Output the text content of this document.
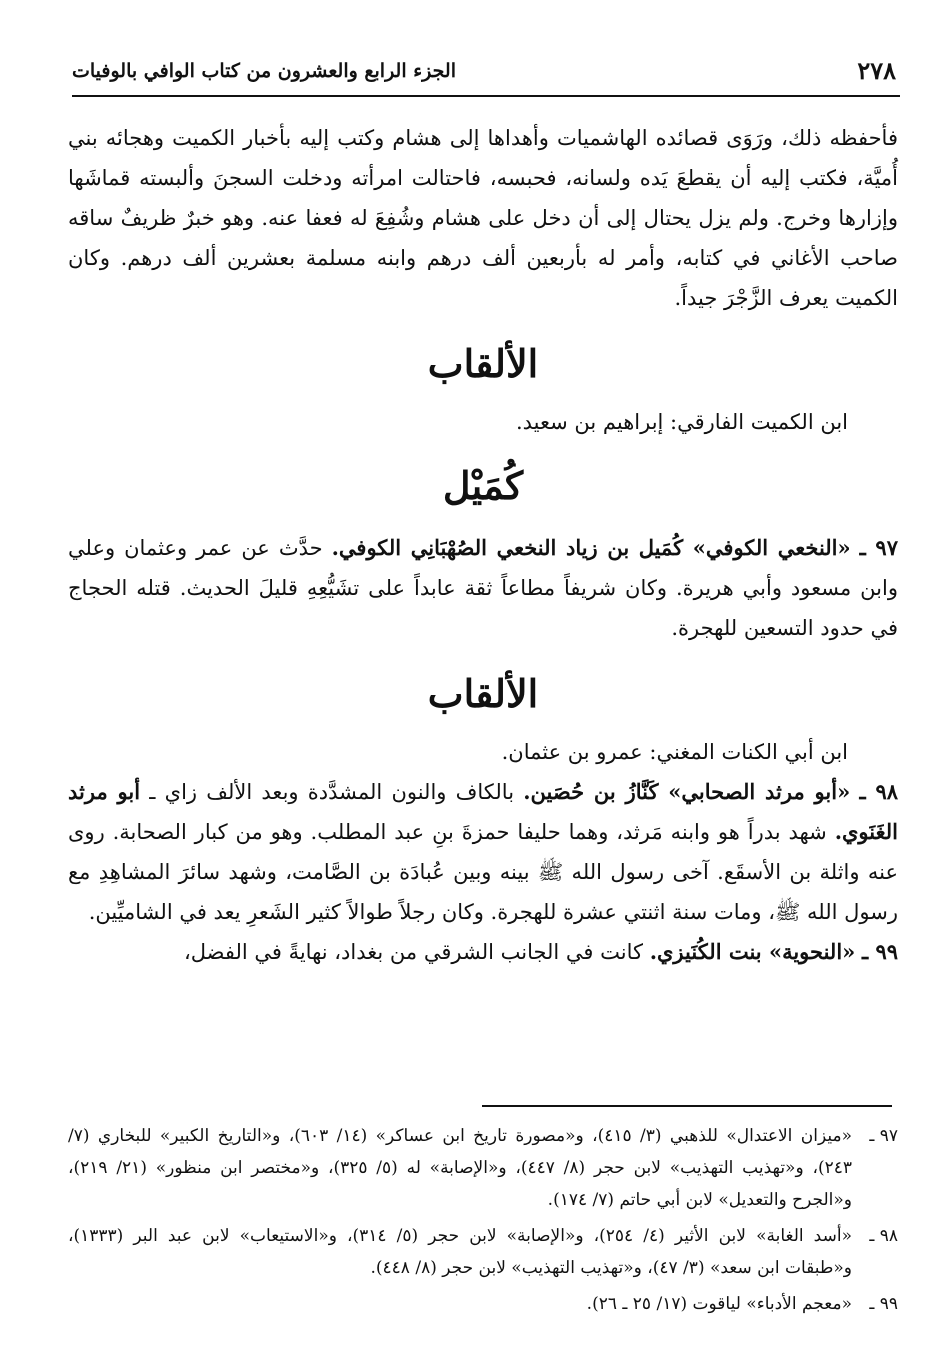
٢٧٨
الجزء الرابع والعشرون من كتاب الوافي بالوفيات

فأحفظه ذلك، ورَوَى قصائده الهاشميات وأهداها إلى هشام وكتب إليه بأخبار الكميت وهجائه بني أُميَّة، فكتب إليه أن يقطعَ يَده ولسانه، فحبسه، فاحتالت امرأته ودخلت السجنَ وألبسته قماشَها وإزارها وخرج. ولم يزل يحتال إلى أن دخل على هشام وشُفِعَ له فعفا عنه. وهو خبرٌ ظريفٌ ساقه صاحب الأغاني في كتابه، وأمر له بأربعين ألف درهم وابنه مسلمة بعشرين ألف درهم. وكان الكميت يعرف الزَّجْرَ جيداً.

الألقاب

ابن الكميت الفارقي: إبراهيم بن سعيد.

كُمَيْل

٩٧ ـ «النخعي الكوفي» كُمَيل بن زياد النخعي الصُهْبَانِي الكوفي. حدَّث عن عمر وعثمان وعلي وابن مسعود وأبي هريرة. وكان شريفاً مطاعاً ثقة عابداً على تشَيُّعِهِ قليلَ الحديث. قتله الحجاج في حدود التسعين للهجرة.

الألقاب

ابن أبي الكنات المغني: عمرو بن عثمان.

٩٨ ـ «أبو مرثد الصحابي» كَنَّازُ بن حُصَين. بالكاف والنون المشدَّدة وبعد الألف زاي ـ أبو مرثد الغَنَوي. شهد بدراً هو وابنه مَرثد، وهما حليفا حمزةَ بنِ عبد المطلب. وهو من كبار الصحابة. روى عنه واثلة بن الأسقَع. آخى رسول الله ﷺ بينه وبين عُبادَة بن الصَّامت، وشهد سائرَ المشاهِدِ مع رسول الله ﷺ، ومات سنة اثنتي عشرة للهجرة. وكان رجلاً طوالاً كثير الشَعرِ يعد في الشاميِّين.

٩٩ ـ «النحوية» بنت الكُنَيزي. كانت في الجانب الشرقي من بغداد، نهايةً في الفضل،

٩٧ ـ
«ميزان الاعتدال» للذهبي (٣/ ٤١٥)، و«مصورة تاريخ ابن عساكر» (١٤/ ٦٠٣)، و«التاريخ الكبير» للبخاري (٧/ ٢٤٣)، و«تهذيب التهذيب» لابن حجر (٨/ ٤٤٧)، و«الإصابة» له (٥/ ٣٢٥)، و«مختصر ابن منظور» (٢١/ ٢١٩)، و«الجرح والتعديل» لابن أبي حاتم (٧/ ١٧٤).
٩٨ ـ
«أسد الغابة» لابن الأثير (٤/ ٢٥٤)، و«الإصابة» لابن حجر (٥/ ٣١٤)، و«الاستيعاب» لابن عبد البر (١٣٣٣)، و«طبقات ابن سعد» (٣/ ٤٧)، و«تهذيب التهذيب» لابن حجر (٨/ ٤٤٨).
٩٩ ـ
«معجم الأدباء» لياقوت (١٧/ ٢٥ ـ ٢٦).
